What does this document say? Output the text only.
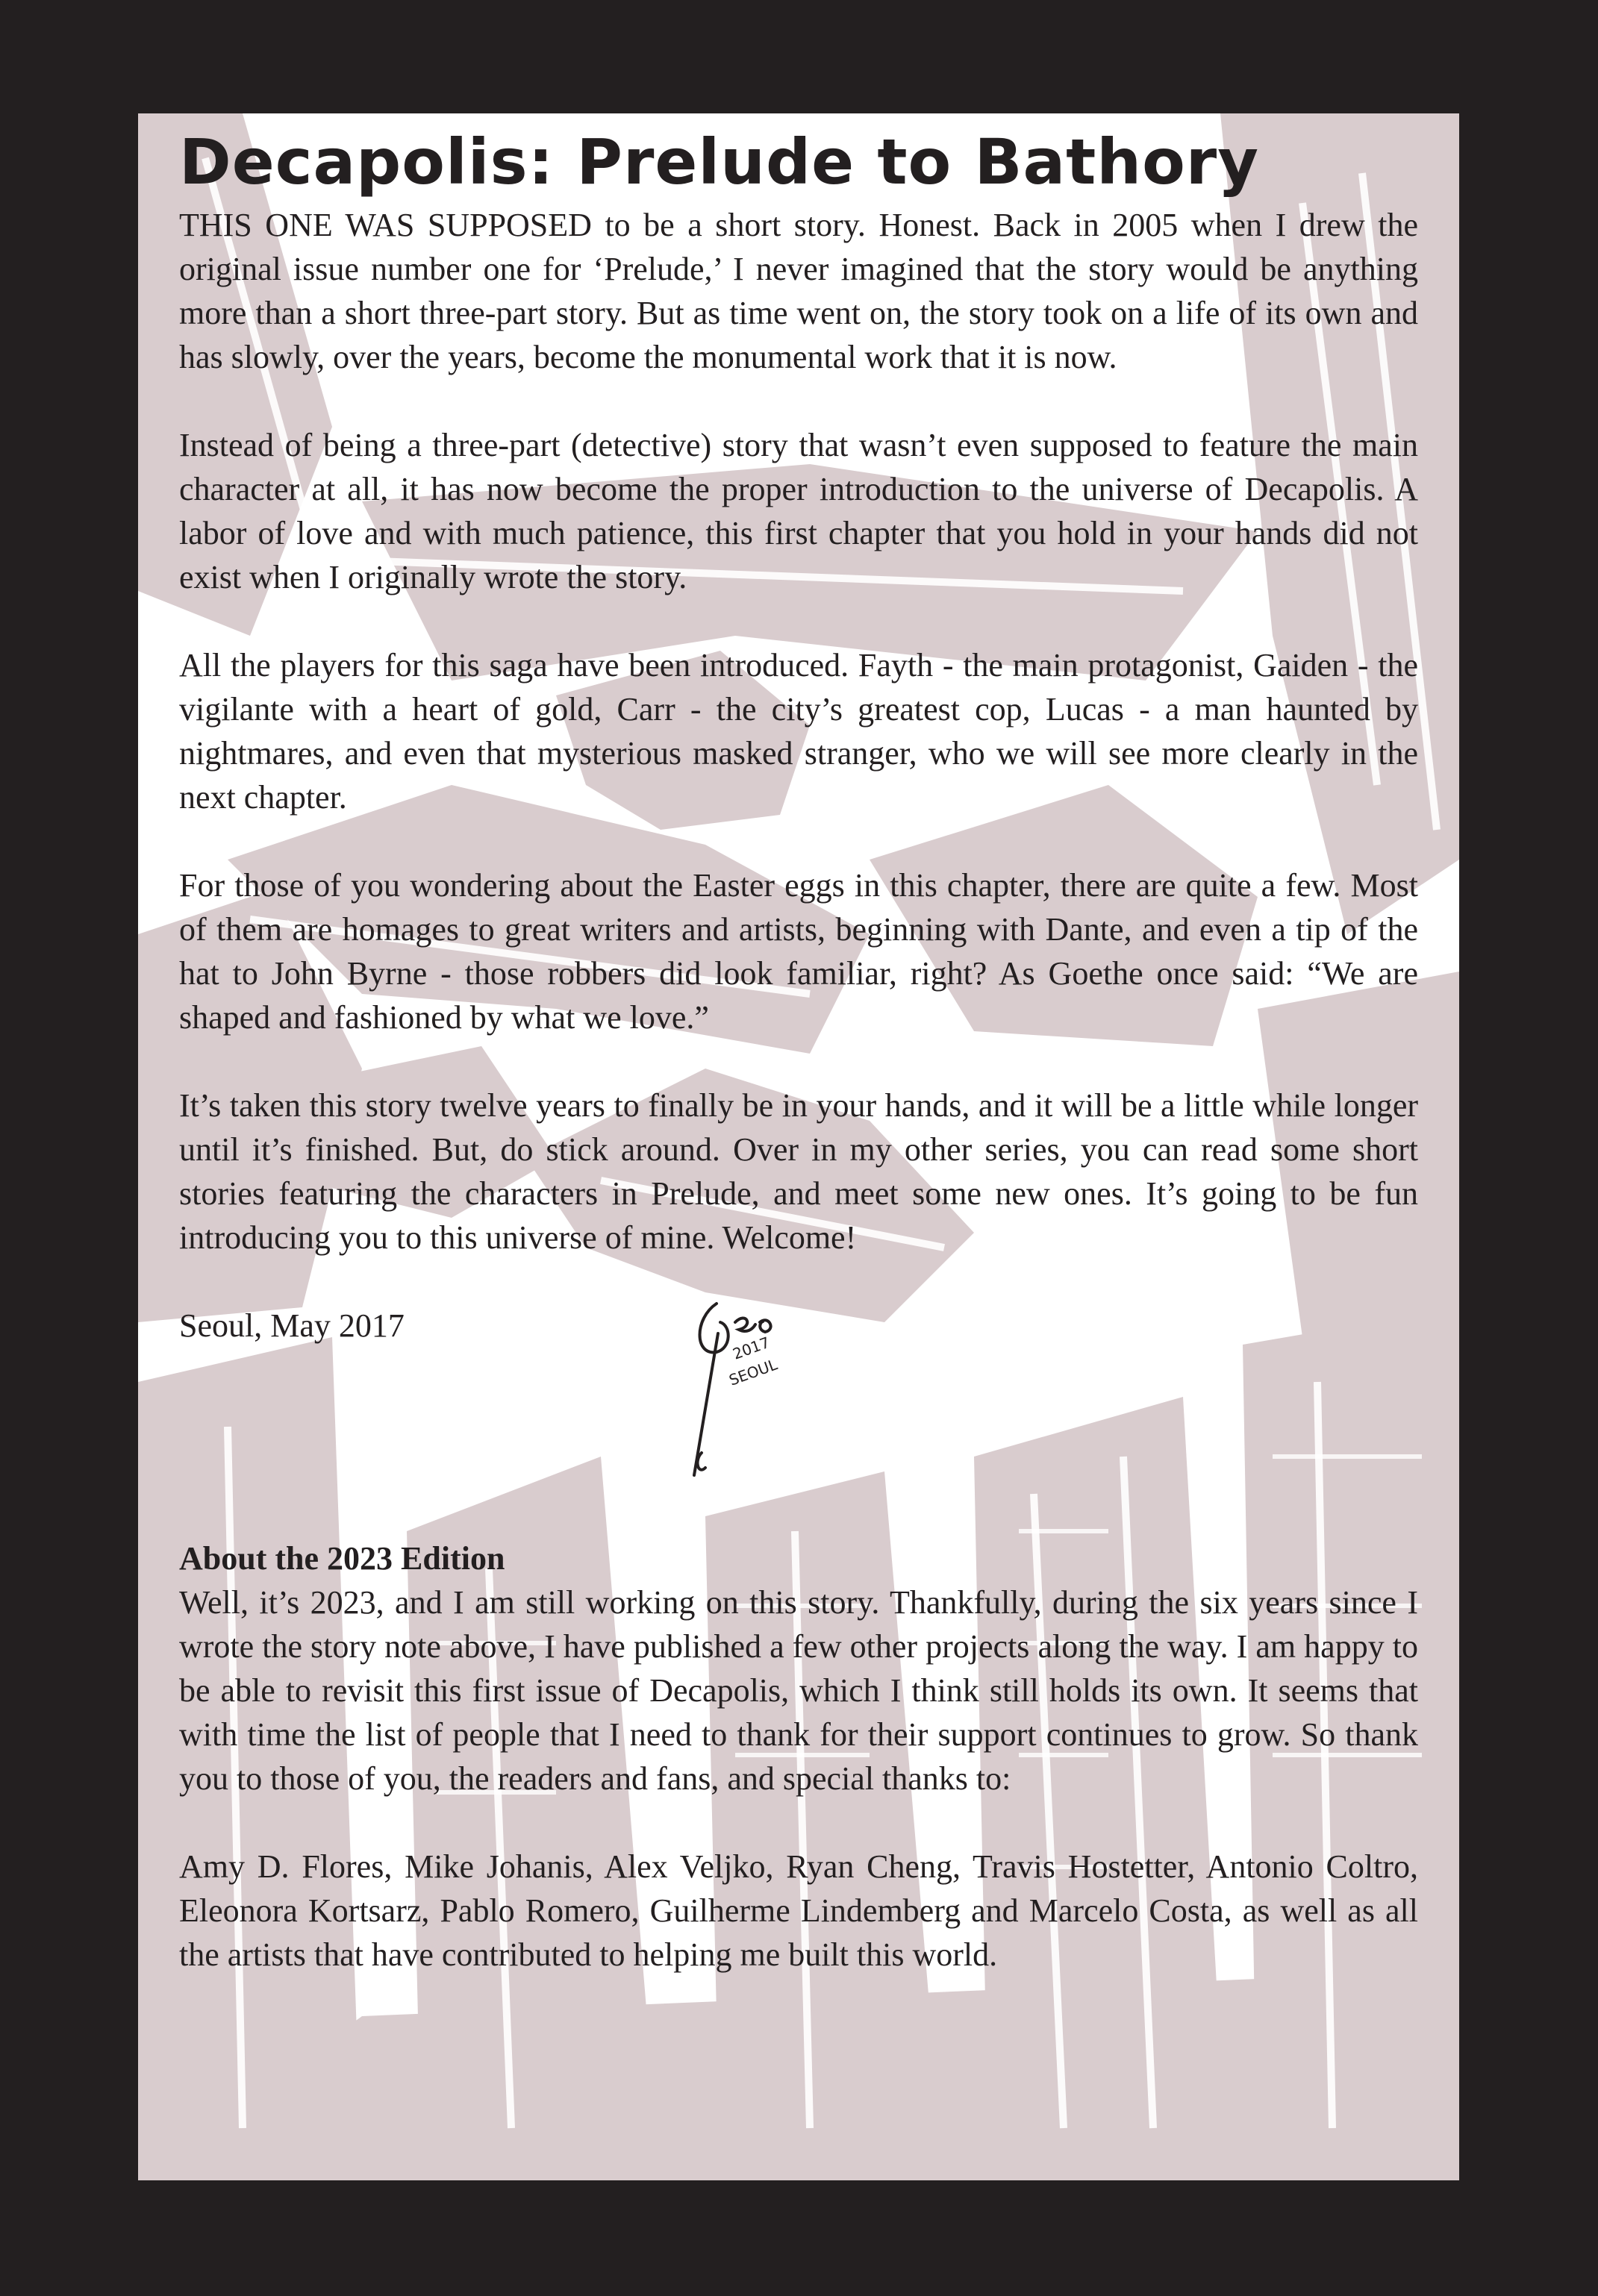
Decapolis: Prelude to Bathory

THIS ONE WAS SUPPOSED to be a short story. Honest. Back in 2005 when I drew the original issue number one for ‘Prelude,’ I never imagined that the story would be anything more than a short three-part story. But as time went on, the story took on a life of its own and has slowly, over the years, become the monumental work that it is now.

Instead of being a three-part (detective) story that wasn’t even supposed to feature the main character at all, it has now become the proper introduction to the universe of Decapolis. A labor of love and with much patience, this first chapter that you hold in your hands did not exist when I originally wrote the story.

All the players for this saga have been introduced. Fayth - the main protagonist, Gaiden - the vigilante with a heart of gold, Carr - the city’s greatest cop, Lucas - a man haunted by nightmares, and even that mysterious masked stranger, who we will see more clearly in the next chapter.

For those of you wondering about the Easter eggs in this chapter, there are quite a few. Most of them are homages to great writers and artists, beginning with Dante, and even a tip of the hat to John Byrne - those robbers did look familiar, right? As Goethe once said: “We are shaped and fashioned by what we love.”

It’s taken this story twelve years to finally be in your hands, and it will be a little while longer until it’s finished. But, do stick around. Over in my other series, you can read some short stories featuring the characters in Prelude, and meet some new ones. It’s going to be fun introducing you to this universe of mine. Welcome!

Seoul, May 2017
2017
SEOUL
About the 2023 Edition

Well, it’s 2023, and I am still working on this story. Thankfully, during the six years since I wrote the story note above, I have published a few other projects along the way. I am happy to be able to revisit this first issue of Decapolis, which I think still holds its own. It seems that with time the list of people that I need to thank for their support continues to grow. So thank you to those of you, the readers and fans, and special thanks to:

Amy D. Flores, Mike Johanis, Alex Veljko, Ryan Cheng, Travis Hostetter, Antonio Coltro, Eleonora Kortsarz, Pablo Romero, Guilherme Lindemberg and Marcelo Costa, as well as all the artists that have contributed to helping me built this world.
